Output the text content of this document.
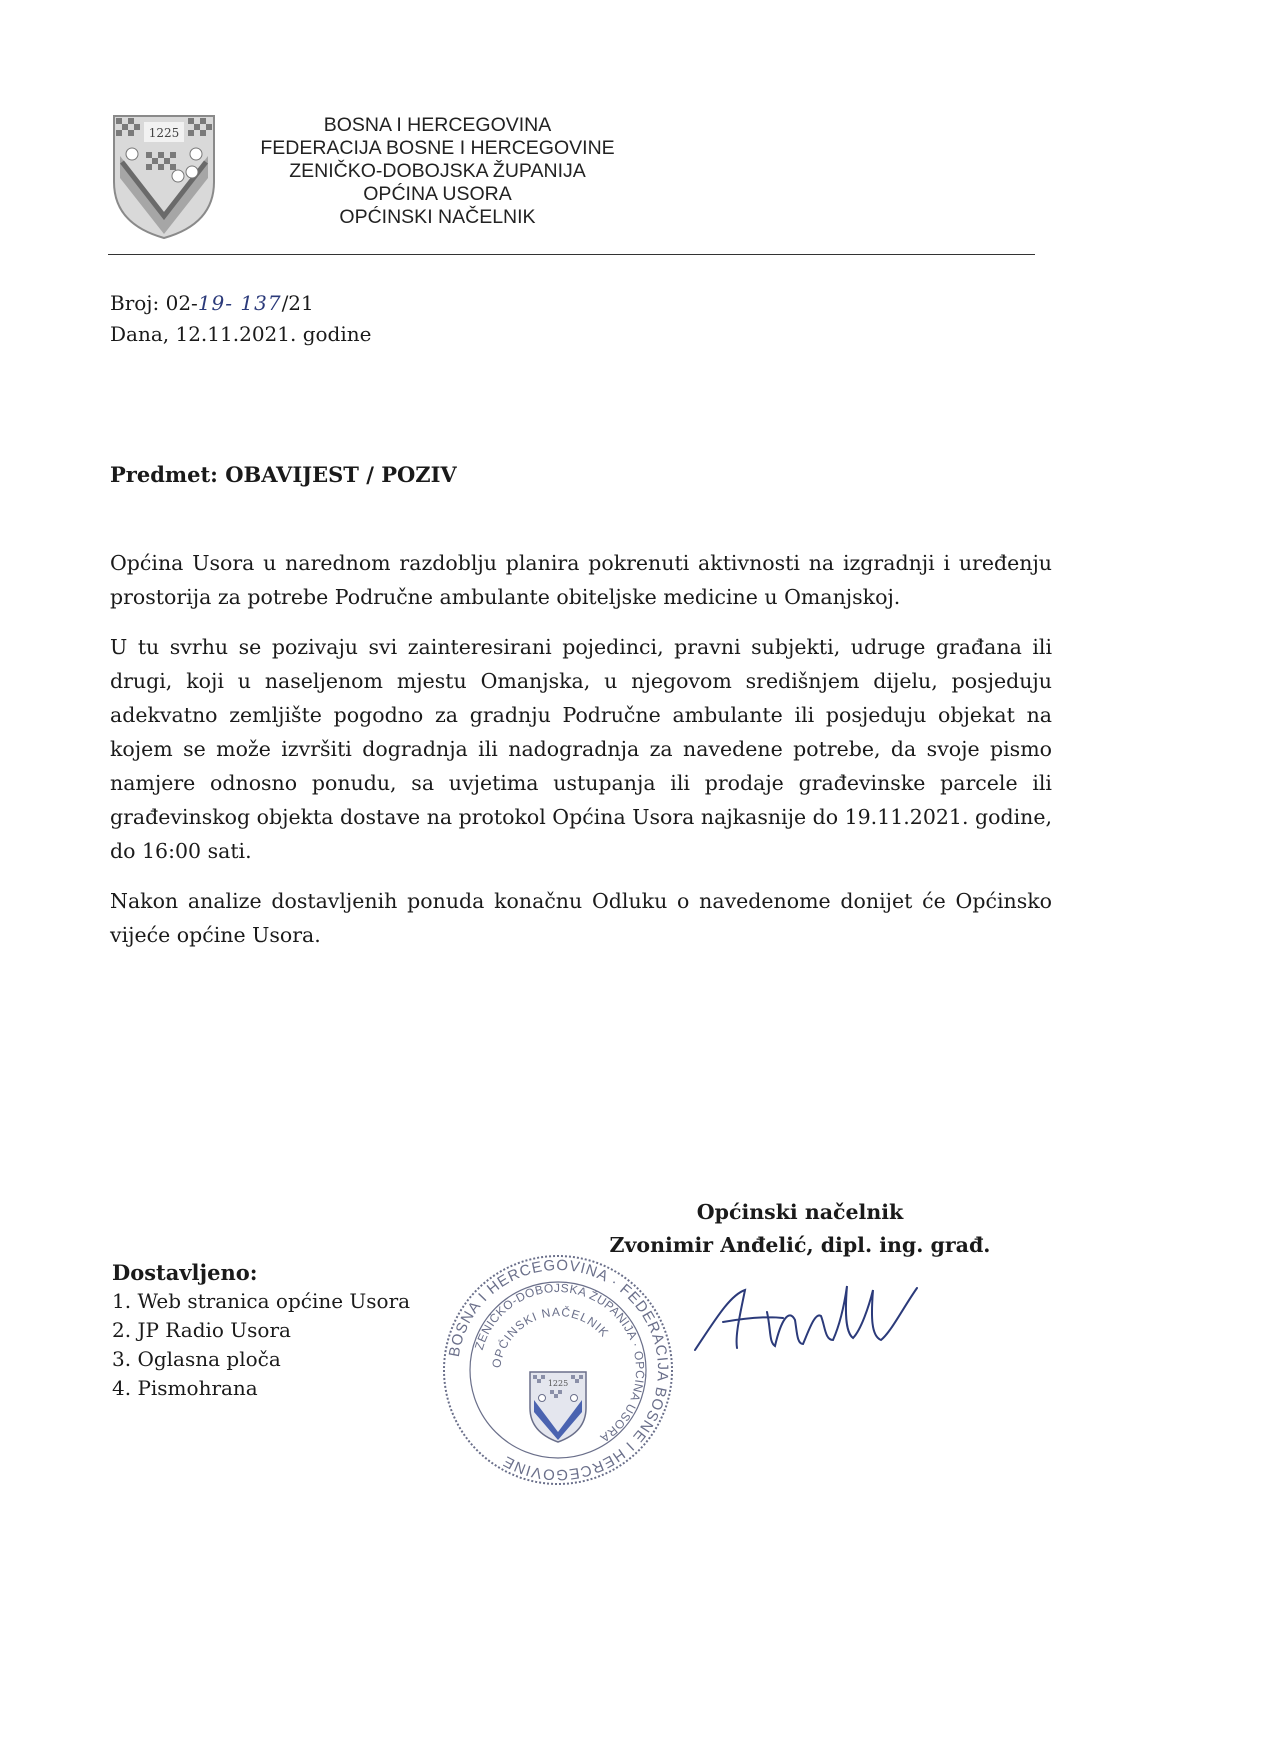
1225	BOSNA I HERCEGOVINA
FEDERACIJA BOSNE I HERCEGOVINE
ZENIČKO-DOBOJSKA ŽUPANIJA
OPĆINA USORA
OPĆINSKI NAČELNIK
Broj: 02-19- 137/21
Dana, 12.11.2021. godine
Predmet: OBAVIJEST / POZIV

Općina Usora u narednom razdoblju planira pokrenuti aktivnosti na izgradnji i uređenju prostorija za potrebe Područne ambulante obiteljske medicine u Omanjskoj.

U tu svrhu se pozivaju svi zainteresirani pojedinci, pravni subjekti, udruge građana ili drugi, koji u naseljenom mjestu Omanjska, u njegovom središnjem dijelu, posjeduju adekvatno zemljište pogodno za gradnju Područne ambulante ili posjeduju objekat na kojem se može izvršiti dogradnja ili nadogradnja za navedene potrebe, da svoje pismo namjere odnosno ponudu, sa uvjetima ustupanja ili prodaje građevinske parcele ili građevinskog objekta dostave na protokol Općina Usora najkasnije do 19.11.2021. godine, do 16:00 sati.

Nakon analize dostavljenih ponuda konačnu Odluku o navedenome donijet će Općinsko vijeće općine Usora.

Općinski načelnik
Zvonimir Anđelić, dipl. ing. građ.
Dostavljeno:
1. Web stranica općine Usora
2. JP Radio Usora
3. Oglasna ploča
4. Pismohrana
BOSNA I HERCEGOVINA · FEDERACIJA BOSNE I HERCEGOVINE
ZENIČKO-DOBOJSKA ŽUPANIJA · OPĆINA USORA
OPĆINSKI NAČELNIK
1225
